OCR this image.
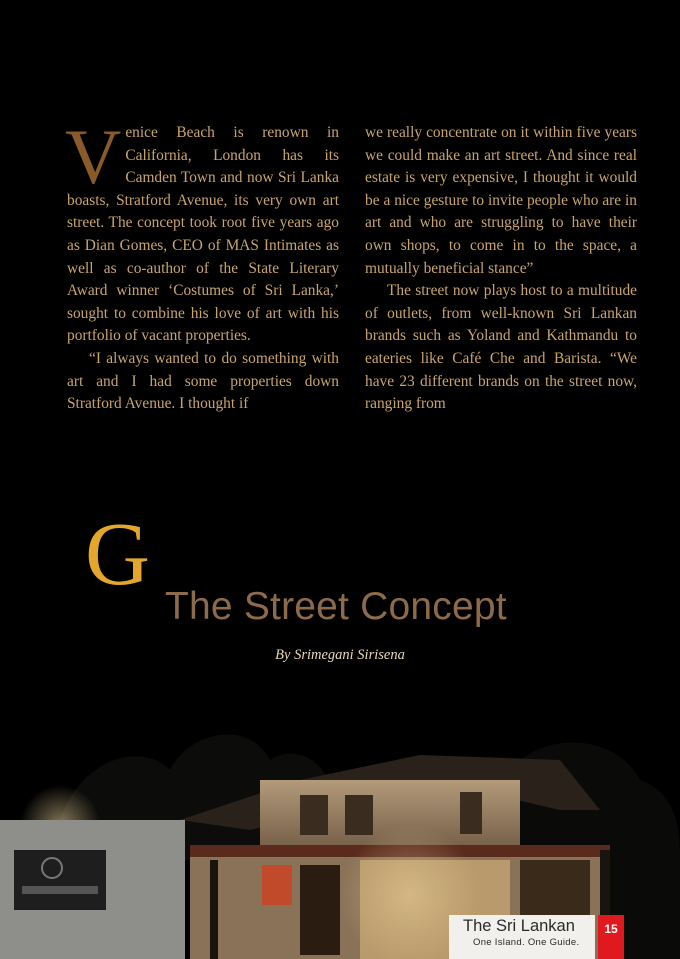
Venice Beach is renown in California, London has its Camden Town and now Sri Lanka boasts, Stratford Avenue, its very own art street. The concept took root five years ago as Dian Gomes, CEO of MAS Intimates as well as co-author of the State Literary Award winner ‘Costumes of Sri Lanka,’ sought to combine his love of art with his portfolio of vacant properties.

“I always wanted to do something with art and I had some properties down Stratford Avenue. I thought if

we really concentrate on it within five years we could make an art street. And since real estate is very expensive, I thought it would be a nice gesture to invite people who are in art and who are struggling to have their own shops, to come in to the space, a mutually beneficial stance”

The street now plays host to a multitude of outlets, from well-known Sri Lankan brands such as Yoland and Kathmandu to eateries like Café Che and Barista. “We have 23 different brands on the street now, ranging from

G
The Street Concept
By Srimegani Sirisena
The Sri Lankan
One Island. One Guide.
15
